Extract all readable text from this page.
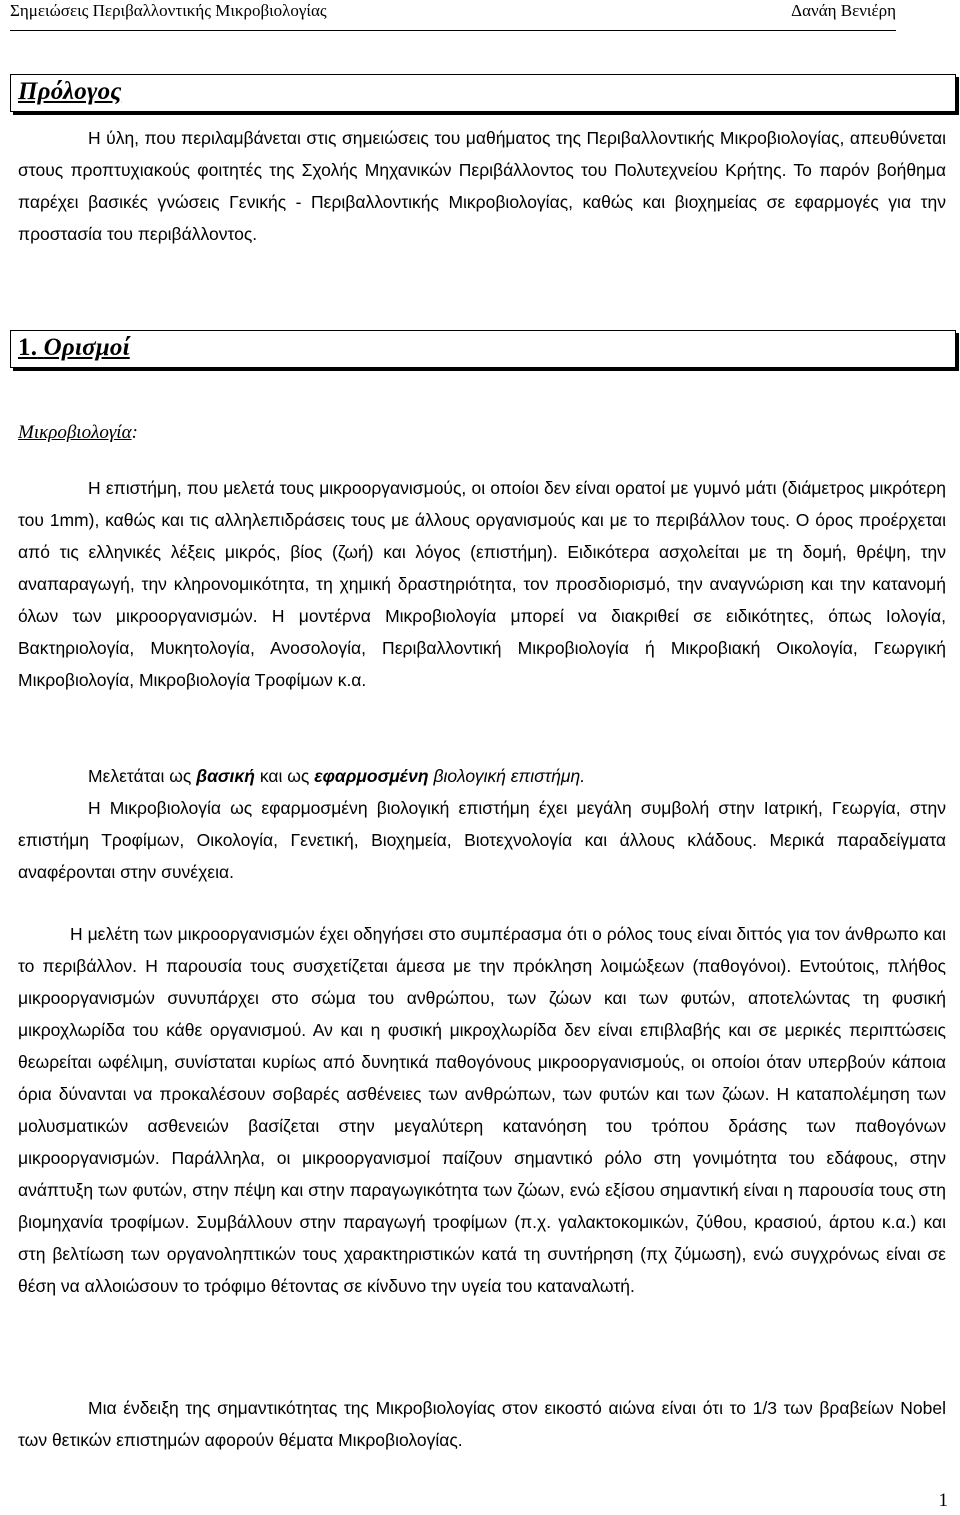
Σημειώσεις Περιβαλλοντικής Μικροβιολογίας	Δανάη Βενιέρη
Πρόλογος

Η ύλη, που περιλαμβάνεται στις σημειώσεις του μαθήματος της Περιβαλλοντικής Μικροβιολογίας, απευθύνεται στους προπτυχιακούς φοιτητές της Σχολής Μηχανικών Περιβάλλοντος του Πολυτεχνείου Κρήτης. Το παρόν βοήθημα παρέχει βασικές γνώσεις Γενικής - Περιβαλλοντικής Μικροβιολογίας, καθώς και βιοχημείας σε εφαρμογές για την προστασία του περιβάλλοντος.

1. Ορισμοί
Μικροβιολογία:

Η επιστήμη, που μελετά τους μικροοργανισμούς, οι οποίοι δεν είναι ορατοί με γυμνό μάτι (διάμετρος μικρότερη του 1mm), καθώς και τις αλληλεπιδράσεις τους με άλλους οργανισμούς και με το περιβάλλον τους. Ο όρος προέρχεται από τις ελληνικές λέξεις μικρός, βίος (ζωή) και λόγος (επιστήμη). Ειδικότερα ασχολείται με τη δομή, θρέψη, την αναπαραγωγή, την κληρονομικότητα, τη χημική δραστηριότητα, τον προσδιορισμό, την αναγνώριση και την κατανομή όλων των μικροοργανισμών. Η μοντέρνα Μικροβιολογία μπορεί να διακριθεί σε ειδικότητες, όπως Ιολογία, Βακτηριολογία, Μυκητολογία, Ανοσολογία, Περιβαλλοντική Μικροβιολογία ή Μικροβιακή Οικολογία, Γεωργική Μικροβιολογία, Μικροβιολογία Τροφίμων κ.α.

Μελετάται ως βασική και ως εφαρμοσμένη βιολογική επιστήμη.

Η Μικροβιολογία ως εφαρμοσμένη βιολογική επιστήμη έχει μεγάλη συμβολή στην Ιατρική, Γεωργία, στην επιστήμη Τροφίμων, Οικολογία, Γενετική, Βιοχημεία, Βιοτεχνολογία και άλλους κλάδους. Μερικά παραδείγματα αναφέρονται στην συνέχεια.

Η μελέτη των μικροοργανισμών έχει οδηγήσει στο συμπέρασμα ότι ο ρόλος τους είναι διττός για τον άνθρωπο και το περιβάλλον. Η παρουσία τους συσχετίζεται άμεσα με την πρόκληση λοιμώξεων (παθογόνοι). Εντούτοις, πλήθος μικροοργανισμών συνυπάρχει στο σώμα του ανθρώπου, των ζώων και των φυτών, αποτελώντας τη φυσική μικροχλωρίδα του κάθε οργανισμού. Αν και η φυσική μικροχλωρίδα δεν είναι επιβλαβής και σε μερικές περιπτώσεις θεωρείται ωφέλιμη, συνίσταται κυρίως από δυνητικά παθογόνους μικροοργανισμούς, οι οποίοι όταν υπερβούν κάποια όρια δύνανται να προκαλέσουν σοβαρές ασθένειες των ανθρώπων, των φυτών και των ζώων. Η καταπολέμηση των μολυσματικών ασθενειών βασίζεται στην μεγαλύτερη κατανόηση του τρόπου δράσης των παθογόνων μικροοργανισμών. Παράλληλα, οι μικροοργανισμοί παίζουν σημαντικό ρόλο στη γονιμότητα του εδάφους, στην ανάπτυξη των φυτών, στην πέψη και στην παραγωγικότητα των ζώων, ενώ εξίσου σημαντική είναι η παρουσία τους στη βιομηχανία τροφίμων. Συμβάλλουν στην παραγωγή τροφίμων (π.χ. γαλακτοκομικών, ζύθου, κρασιού, άρτου κ.α.) και στη βελτίωση των οργανοληπτικών τους χαρακτηριστικών κατά τη συντήρηση (πχ ζύμωση), ενώ συγχρόνως είναι σε θέση να αλλοιώσουν το τρόφιμο θέτοντας σε κίνδυνο την υγεία του καταναλωτή.

Μια ένδειξη της σημαντικότητας της Μικροβιολογίας στον εικοστό αιώνα είναι ότι το 1/3 των βραβείων Nobel των θετικών επιστημών αφορούν θέματα Μικροβιολογίας.

1
